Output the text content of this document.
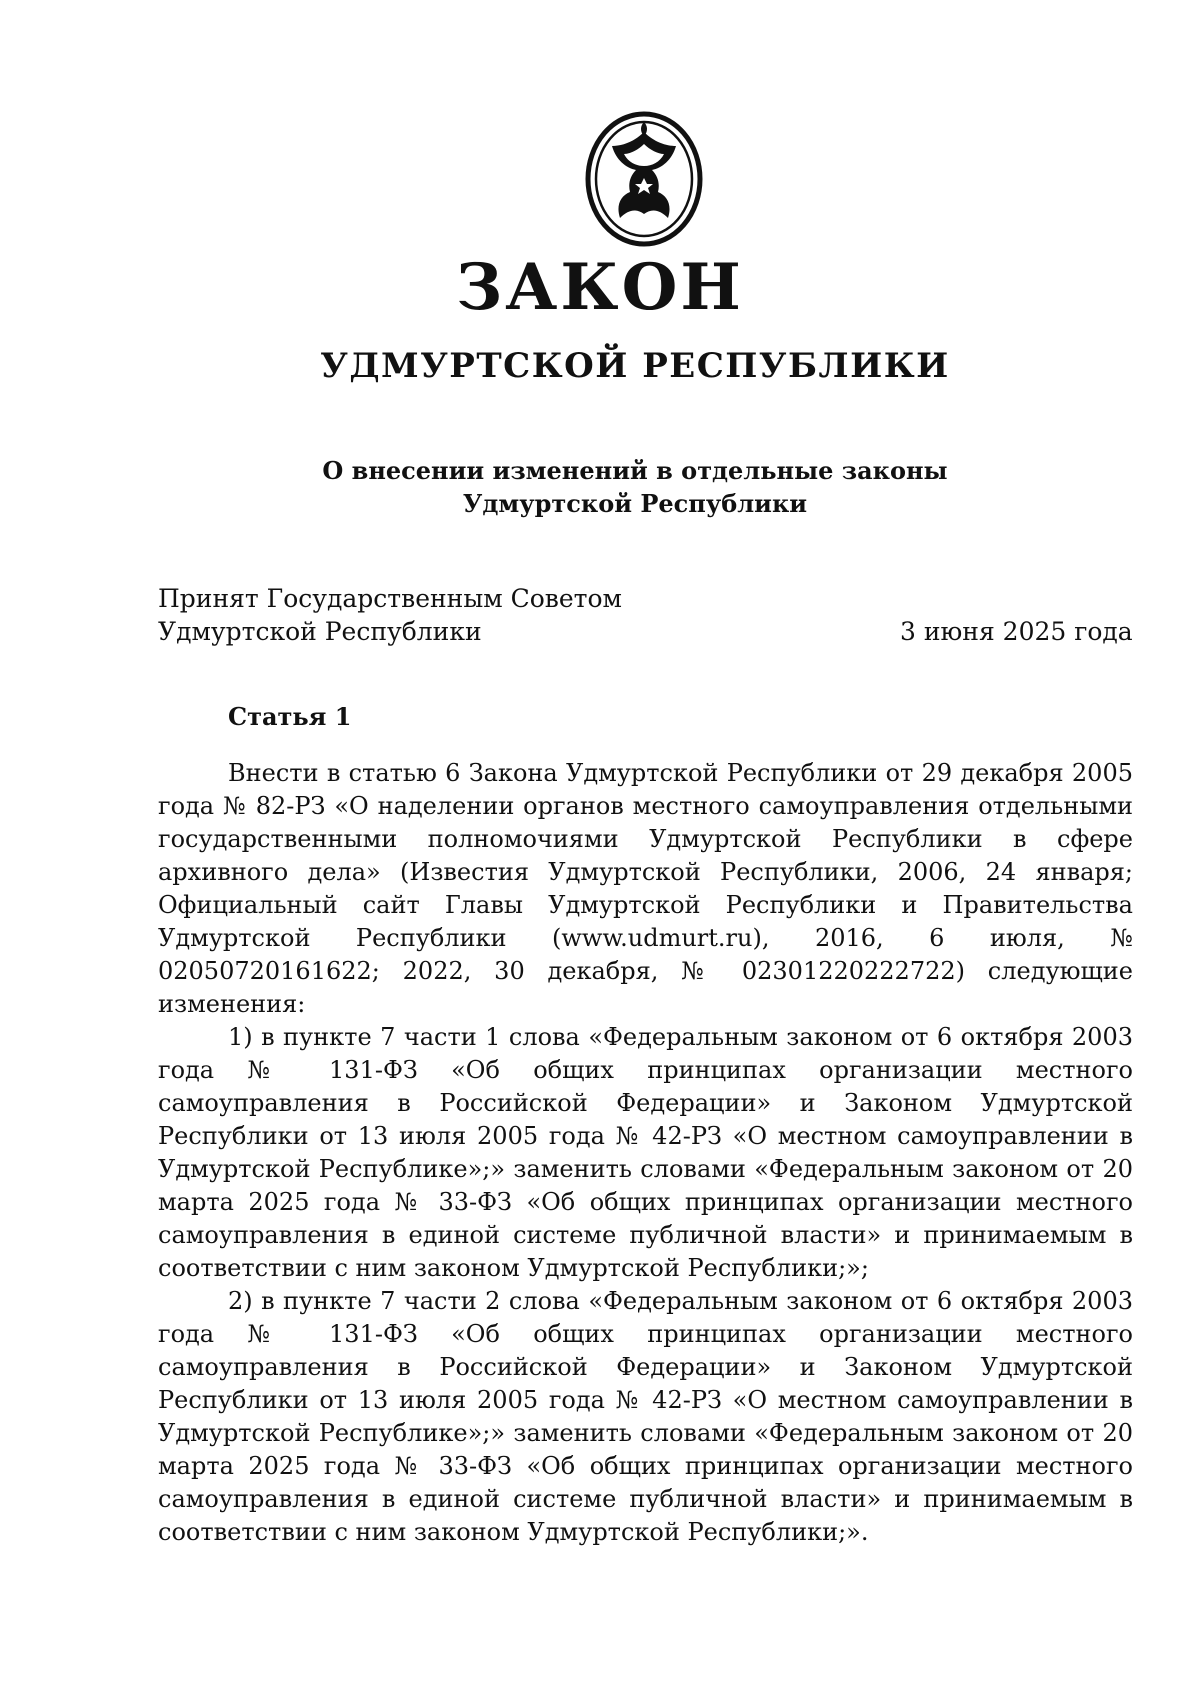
ЗАКОН
УДМУРТСКОЙ РЕСПУБЛИКИ
О внесении изменений в отдельные законы
Удмуртской Республики
Принят Государственным Советом
Удмуртской Республики	3 июня 2025 года
Статья 1

Внести в статью 6 Закона Удмуртской Республики от 29 декабря 2005 года № 82-РЗ «О наделении органов местного самоуправления отдельными государственными полномочиями Удмуртской Республики в сфере архивного дела» (Известия Удмуртской Республики, 2006, 24 января; Официальный сайт Главы Удмуртской Республики и Правительства Удмуртской Республики (www.udmurt.ru), 2016, 6 июля, № 02050720161622; 2022, 30 декабря, № 02301220222722) следующие изменения:

1) в пункте 7 части 1 слова «Федеральным законом от 6 октября 2003 года № 131-ФЗ «Об общих принципах организации местного самоуправления в Российской Федерации» и Законом Удмуртской Республики от 13 июля 2005 года № 42-РЗ «О местном самоуправлении в Удмуртской Республике»;» заменить словами «Федеральным законом от 20 марта 2025 года № 33-ФЗ «Об общих принципах организации местного самоуправления в единой системе публичной власти» и принимаемым в соответствии с ним законом Удмуртской Республики;»;

2) в пункте 7 части 2 слова «Федеральным законом от 6 октября 2003 года № 131-ФЗ «Об общих принципах организации местного самоуправления в Российской Федерации» и Законом Удмуртской Республики от 13 июля 2005 года № 42-РЗ «О местном самоуправлении в Удмуртской Республике»;» заменить словами «Федеральным законом от 20 марта 2025 года № 33-ФЗ «Об общих принципах организации местного самоуправления в единой системе публичной власти» и принимаемым в соответствии с ним законом Удмуртской Республики;».
